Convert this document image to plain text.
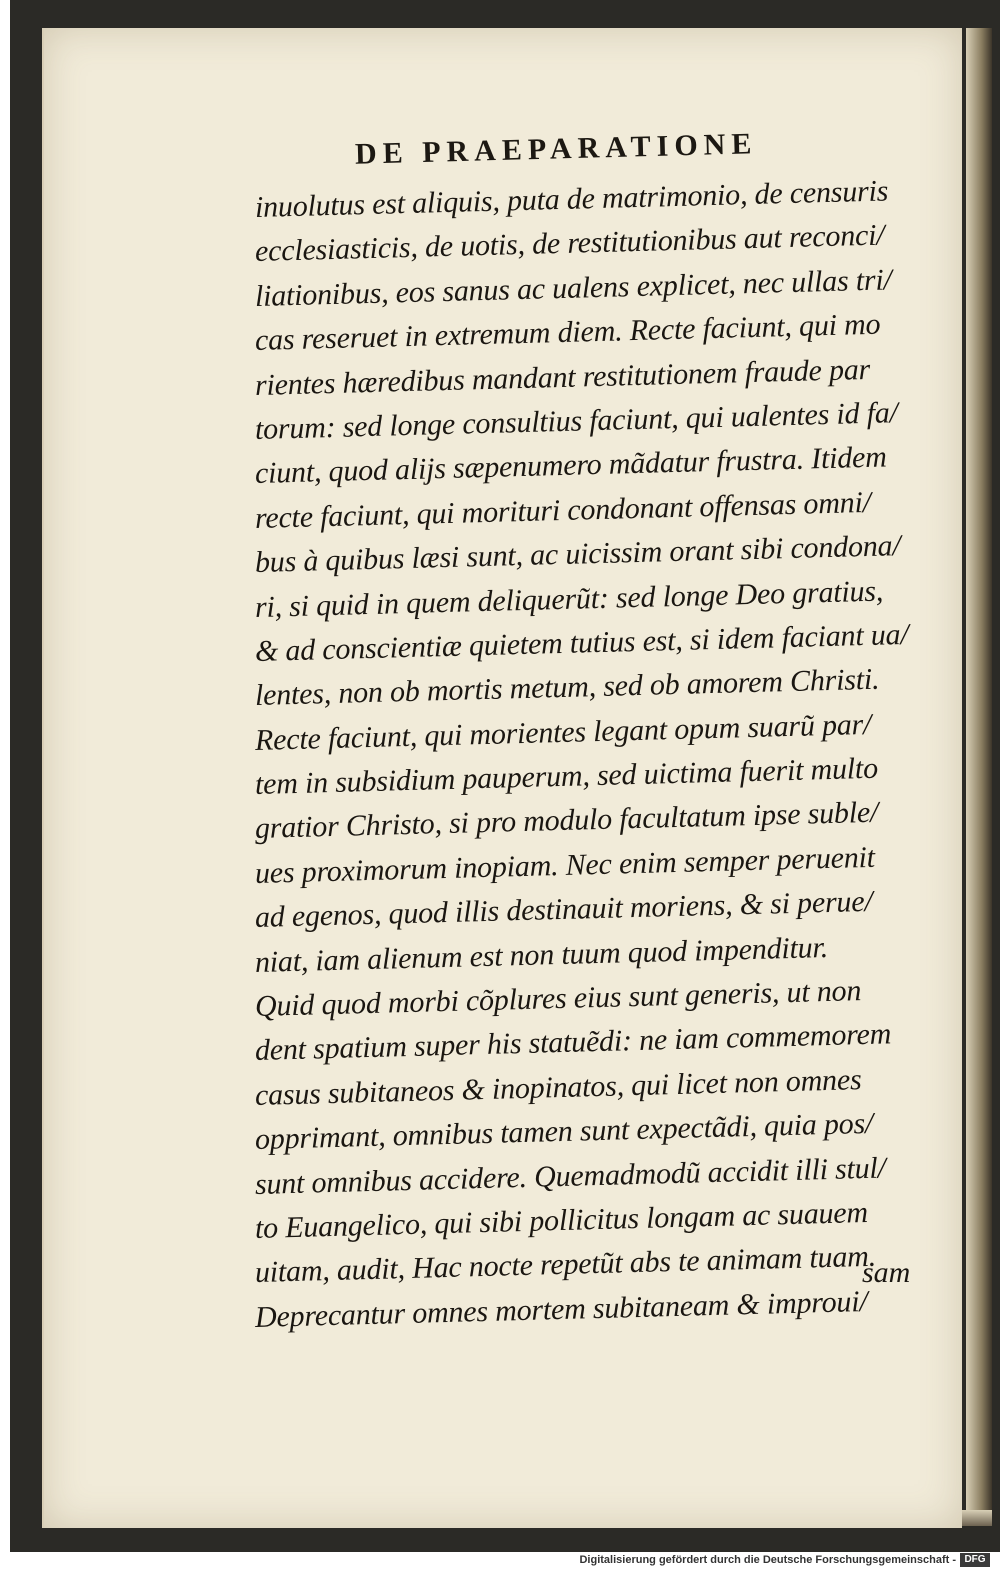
DE PRAEPARATIONE
inuolutus est aliquis, puta de matrimonio, de censuris
ecclesiasticis, de uotis, de restitutionibus aut reconci/
liationibus, eos sanus ac ualens explicet, nec ullas tri/
cas reseruet in extremum diem. Recte faciunt, qui mo
rientes hæredibus mandant restitutionem fraude par
torum: sed longe consultius faciunt, qui ualentes id fa/
ciunt, quod alijs sæpenumero mãdatur frustra. Itidem
recte faciunt, qui morituri condonant offensas omni/
bus à quibus læsi sunt, ac uicissim orant sibi condona/
ri, si quid in quem deliquerũt: sed longe Deo gratius,
& ad conscientiæ quietem tutius est, si idem faciant ua/
lentes, non ob mortis metum, sed ob amorem Christi.
Recte faciunt, qui morientes legant opum suarũ par/
tem in subsidium pauperum, sed uictima fuerit multo
gratior Christo, si pro modulo facultatum ipse suble/
ues proximorum inopiam. Nec enim semper peruenit
ad egenos, quod illis destinauit moriens, & si perue/
niat, iam alienum est non tuum quod impenditur.
Quid quod morbi cõplures eius sunt generis, ut non
dent spatium super his statuẽdi: ne iam commemorem
casus subitaneos & inopinatos, qui licet non omnes
opprimant, omnibus tamen sunt expectãdi, quia pos/
sunt omnibus accidere. Quemadmodũ accidit illi stul/
to Euangelico, qui sibi pollicitus longam ac suauem
uitam, audit, Hac nocte repetũt abs te animam tuam.
Deprecantur omnes mortem subitaneam & improui/
sam
Digitalisierung gefördert durch die Deutsche Forschungsgemeinschaft - DFG
